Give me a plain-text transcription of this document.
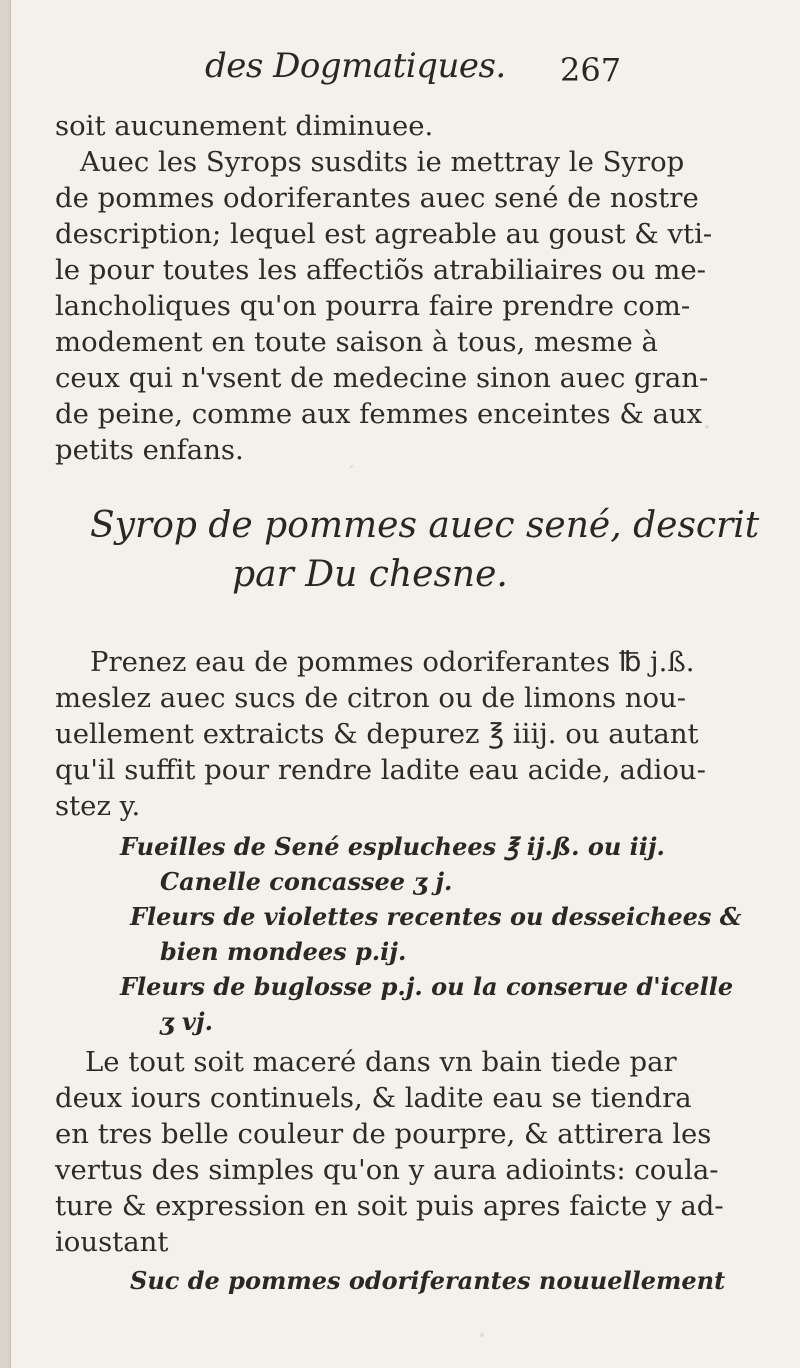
des Dogmatiques. 267
soit aucunement diminuee.
Auec les Syrops susdits ie mettray le Syrop
de pommes odoriferantes auec sené de nostre
description; lequel est agreable au goust & vti-
le pour toutes les affectiõs atrabiliaires ou me-
lancholiques qu'on pourra faire prendre com-
modement en toute saison à tous, mesme à
ceux qui n'vsent de medecine sinon auec gran-
de peine, comme aux femmes enceintes & aux
petits enfans.
Syrop de pommes auec sené, descrit
par Du chesne.
Prenez eau de pommes odoriferantes ℔ j.ß.
meslez auec sucs de citron ou de limons nou-
uellement extraicts & depurez ℥ iiij. ou autant
qu'il suffit pour rendre ladite eau acide, adiou-
stez y.
Fueilles de Sené espluchees ℥ ij.ß. ou iij.
Canelle concassee ʒ j.
Fleurs de violettes recentes ou desseichees &
bien mondees p.ij.
Fleurs de buglosse p.j. ou la conserue d'icelle
ʒ vj.
Le tout soit maceré dans vn bain tiede par
deux iours continuels, & ladite eau se tiendra
en tres belle couleur de pourpre, & attirera les
vertus des simples qu'on y aura adioints: coula-
ture & expression en soit puis apres faicte y ad-
ioustant
Suc de pommes odoriferantes nouuellement
